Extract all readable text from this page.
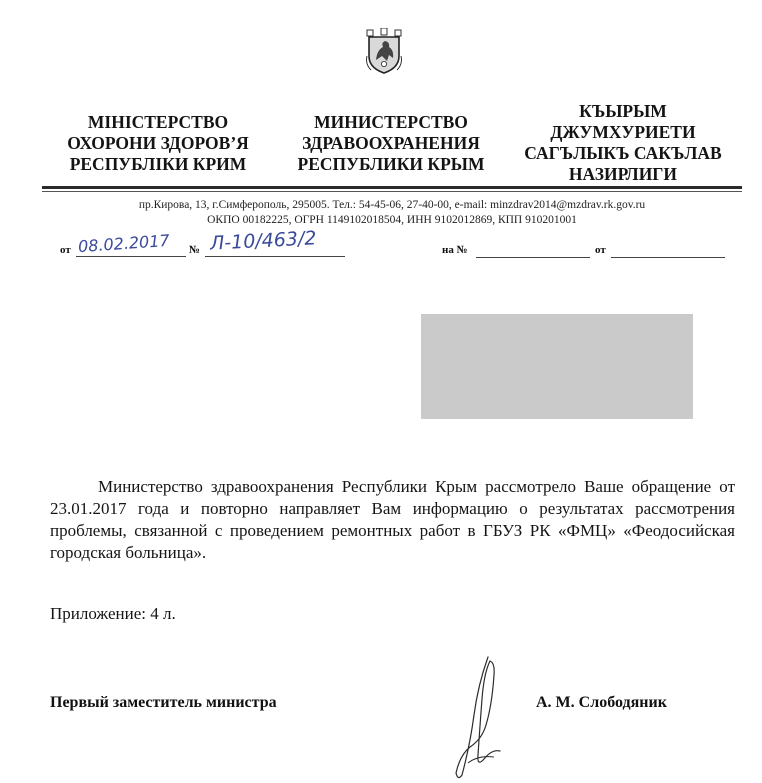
МІНІСТЕРСТВО
ОХОРОНИ ЗДОРОВ’Я
РЕСПУБЛІКИ КРИМ
МИНИСТЕРСТВО
ЗДРАВООХРАНЕНИЯ
РЕСПУБЛИКИ КРЫМ
КЪЫРЫМ
ДЖУМХУРИЕТИ
САГЪЛЫКЪ САКЪЛАВ
НАЗИРЛИГИ
пр.Кирова, 13, г.Симферополь, 295005. Тел.: 54-45-06, 27-40-00, e-mail: minzdrav2014@mzdrav.rk.gov.ru
ОКПО 00182225, ОГРН 1149102018504, ИНН 9102012869, КПП 910201001
от 08.02.2017 № Л-10/463/2	на №	от
Министерство здравоохранения Республики Крым рассмотрело Ваше обращение от 23.01.2017 года и повторно направляет Вам информацию о результатах рассмотрения проблемы, связанной с проведением ремонтных работ в ГБУЗ РК «ФМЦ» «Феодосийская городская больница».
Приложение: 4 л.
Первый заместитель министра	А. М. Слободяник
